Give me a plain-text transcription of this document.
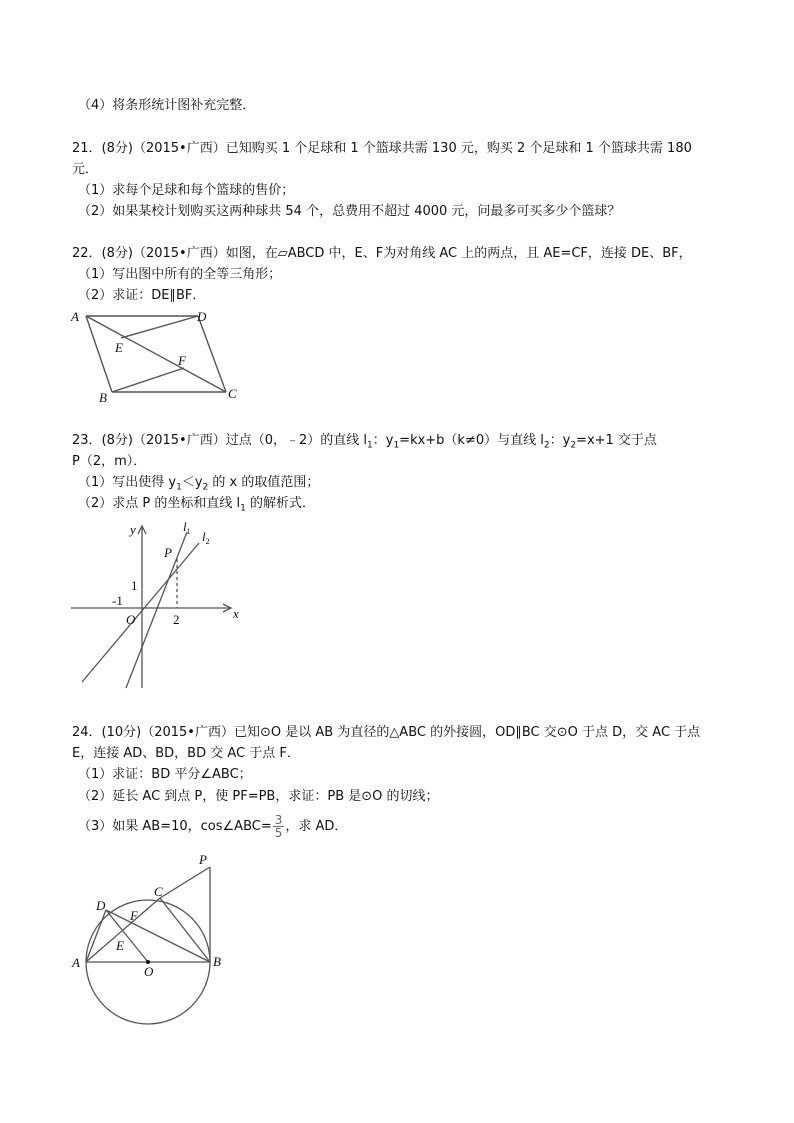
（4）将条形统计图补充完整．
21．(8分)（2015•广西）已知购买 1 个足球和 1 个篮球共需 130 元，购买 2 个足球和 1 个篮球共需 180
元．
（1）求每个足球和每个篮球的售价；
（2）如果某校计划购买这两种球共 54 个，总费用不超过 4000 元，问最多可买多少个篮球？
22．(8分)（2015•广西）如图，在▱ABCD 中，E、F为对角线 AC 上的两点，且 AE=CF，连接 DE、BF，
（1）写出图中所有的全等三角形；
（2）求证：DE∥BF．
A	D
E
F
B	C
23．(8分)（2015•广西）过点（0，﹣2）的直线 $l_1$：$y_1=kx+b(k\ne 0)$与直线 $l_2$：$y_2=x+1$ 交于点
P（2，m）．
（1）写出使得 $y_1<y_2$ 的 x 的取值范围；
（2）求点 P 的坐标和直线 $l_1$ 的解析式．
y
x
O
P
1
-1
2
$l_1$ $l_2$
24．(10分)（2015•广西）已知⊙O 是以 AB 为直径的△ABC 的外接圆，OD∥BC 交⊙O 于点 D，交 AC 于点
E，连接 AD、BD，BD 交 AC 于点 F．
（1）求证：BD 平分∠ABC；
（2）延长 AC 到点 P，使 PF=PB，求证：PB 是⊙O 的切线；
（3）如果 AB=10，cos∠ABC= $\frac{3}{5}$ ，求 AD．
P
C
D
F
E
A
O
B
